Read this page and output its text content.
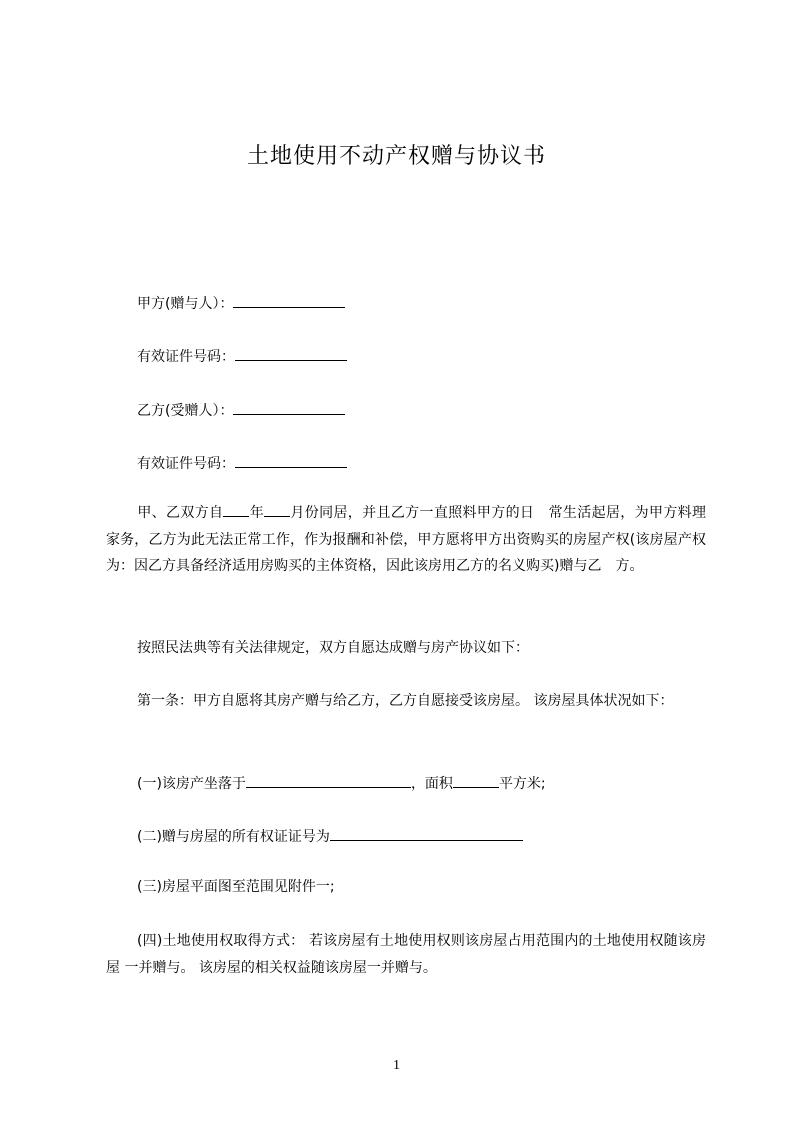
土地使用不动产权赠与协议书
甲方(赠与人）：
有效证件号码：
乙方(受赠人）：
有效证件号码：
甲、乙双方自 年 月份同居，并且乙方一直照料甲方的日　常生活起居，为甲方料理家务，乙方为此无法正常工作，作为报酬和补偿，甲方愿将甲方出资购买的房屋产权(该房屋产权为：因乙方具备经济适用房购买的主体资格，因此该房用乙方的名义购买)赠与乙　方。
按照民法典等有关法律规定，双方自愿达成赠与房产协议如下：
第一条：甲方自愿将其房产赠与给乙方，乙方自愿接受该房屋。 该房屋具体状况如下：
(一)该房产坐落于	，面积	平方米;
(二)赠与房屋的所有权证证号为
(三)房屋平面图至范围见附件一;
(四)土地使用权取得方式： 若该房屋有土地使用权则该房屋占用范围内的土地使用权随该房屋 一并赠与。 该房屋的相关权益随该房屋一并赠与。
1
